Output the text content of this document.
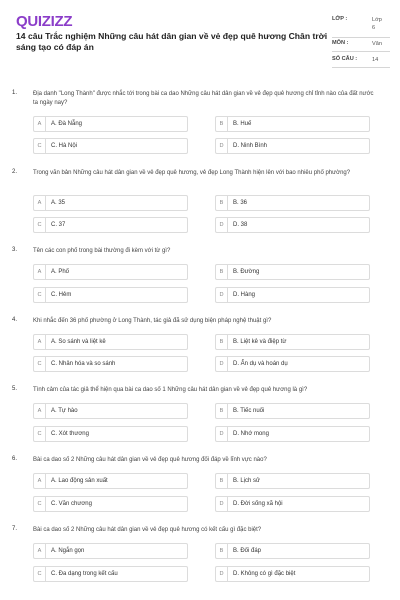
QUIZIZZ
14 câu Trắc nghiệm Những câu hát dân gian về vẻ đẹp quê hương Chân trời sáng tạo có đáp án
LỚP :	Lớp 6
MÔN :	Văn
SỐ CÂU :	14
1.	Địa danh "Long Thành" được nhắc tới trong bài ca dao Những câu hát dân gian về vẻ đẹp quê hương chỉ tỉnh nào của đất nước ta ngày nay?
A	A. Đà Nẵng	B	B. Huế
C	C. Hà Nội	D	D. Ninh Bình
2.	Trong văn bản Những câu hát dân gian về vẻ đẹp quê hương, vẻ đẹp Long Thành hiện lên với bao nhiêu phố phường?
A	A. 35	B	B. 36
C	C. 37	D	D. 38
3.	Tên các con phố trong bài thường đi kèm với từ gì?
A	A. Phố	B	B. Đường
C	C. Hẻm	D	D. Hàng
4.	Khi nhắc đến 36 phố phường ở Long Thành, tác giả đã sử dụng biện pháp nghệ thuật gì?
A	A. So sánh và liệt kê	B	B. Liệt kê và điệp từ
C	C. Nhân hóa và so sánh	D	D. Ẩn dụ và hoán dụ
5.	Tình cảm của tác giả thể hiện qua bài ca dao số 1 Những câu hát dân gian về vẻ đẹp quê hương là gì?
A	A. Tự hào	B	B. Tiếc nuối
C	C. Xót thương	D	D. Nhớ mong
6.	Bài ca dao số 2 Những câu hát dân gian về vẻ đẹp quê hương đối đáp về lĩnh vực nào?
A	A. Lao động sản xuất	B	B. Lịch sử
C	C. Văn chương	D	D. Đời sống xã hội
7.	Bài ca dao số 2 Những câu hát dân gian về vẻ đẹp quê hương có kết cấu gì đặc biệt?
A	A. Ngắn gọn	B	B. Đối đáp
C	C. Đa dạng trong kết cấu	D	D. Không có gì đặc biệt
